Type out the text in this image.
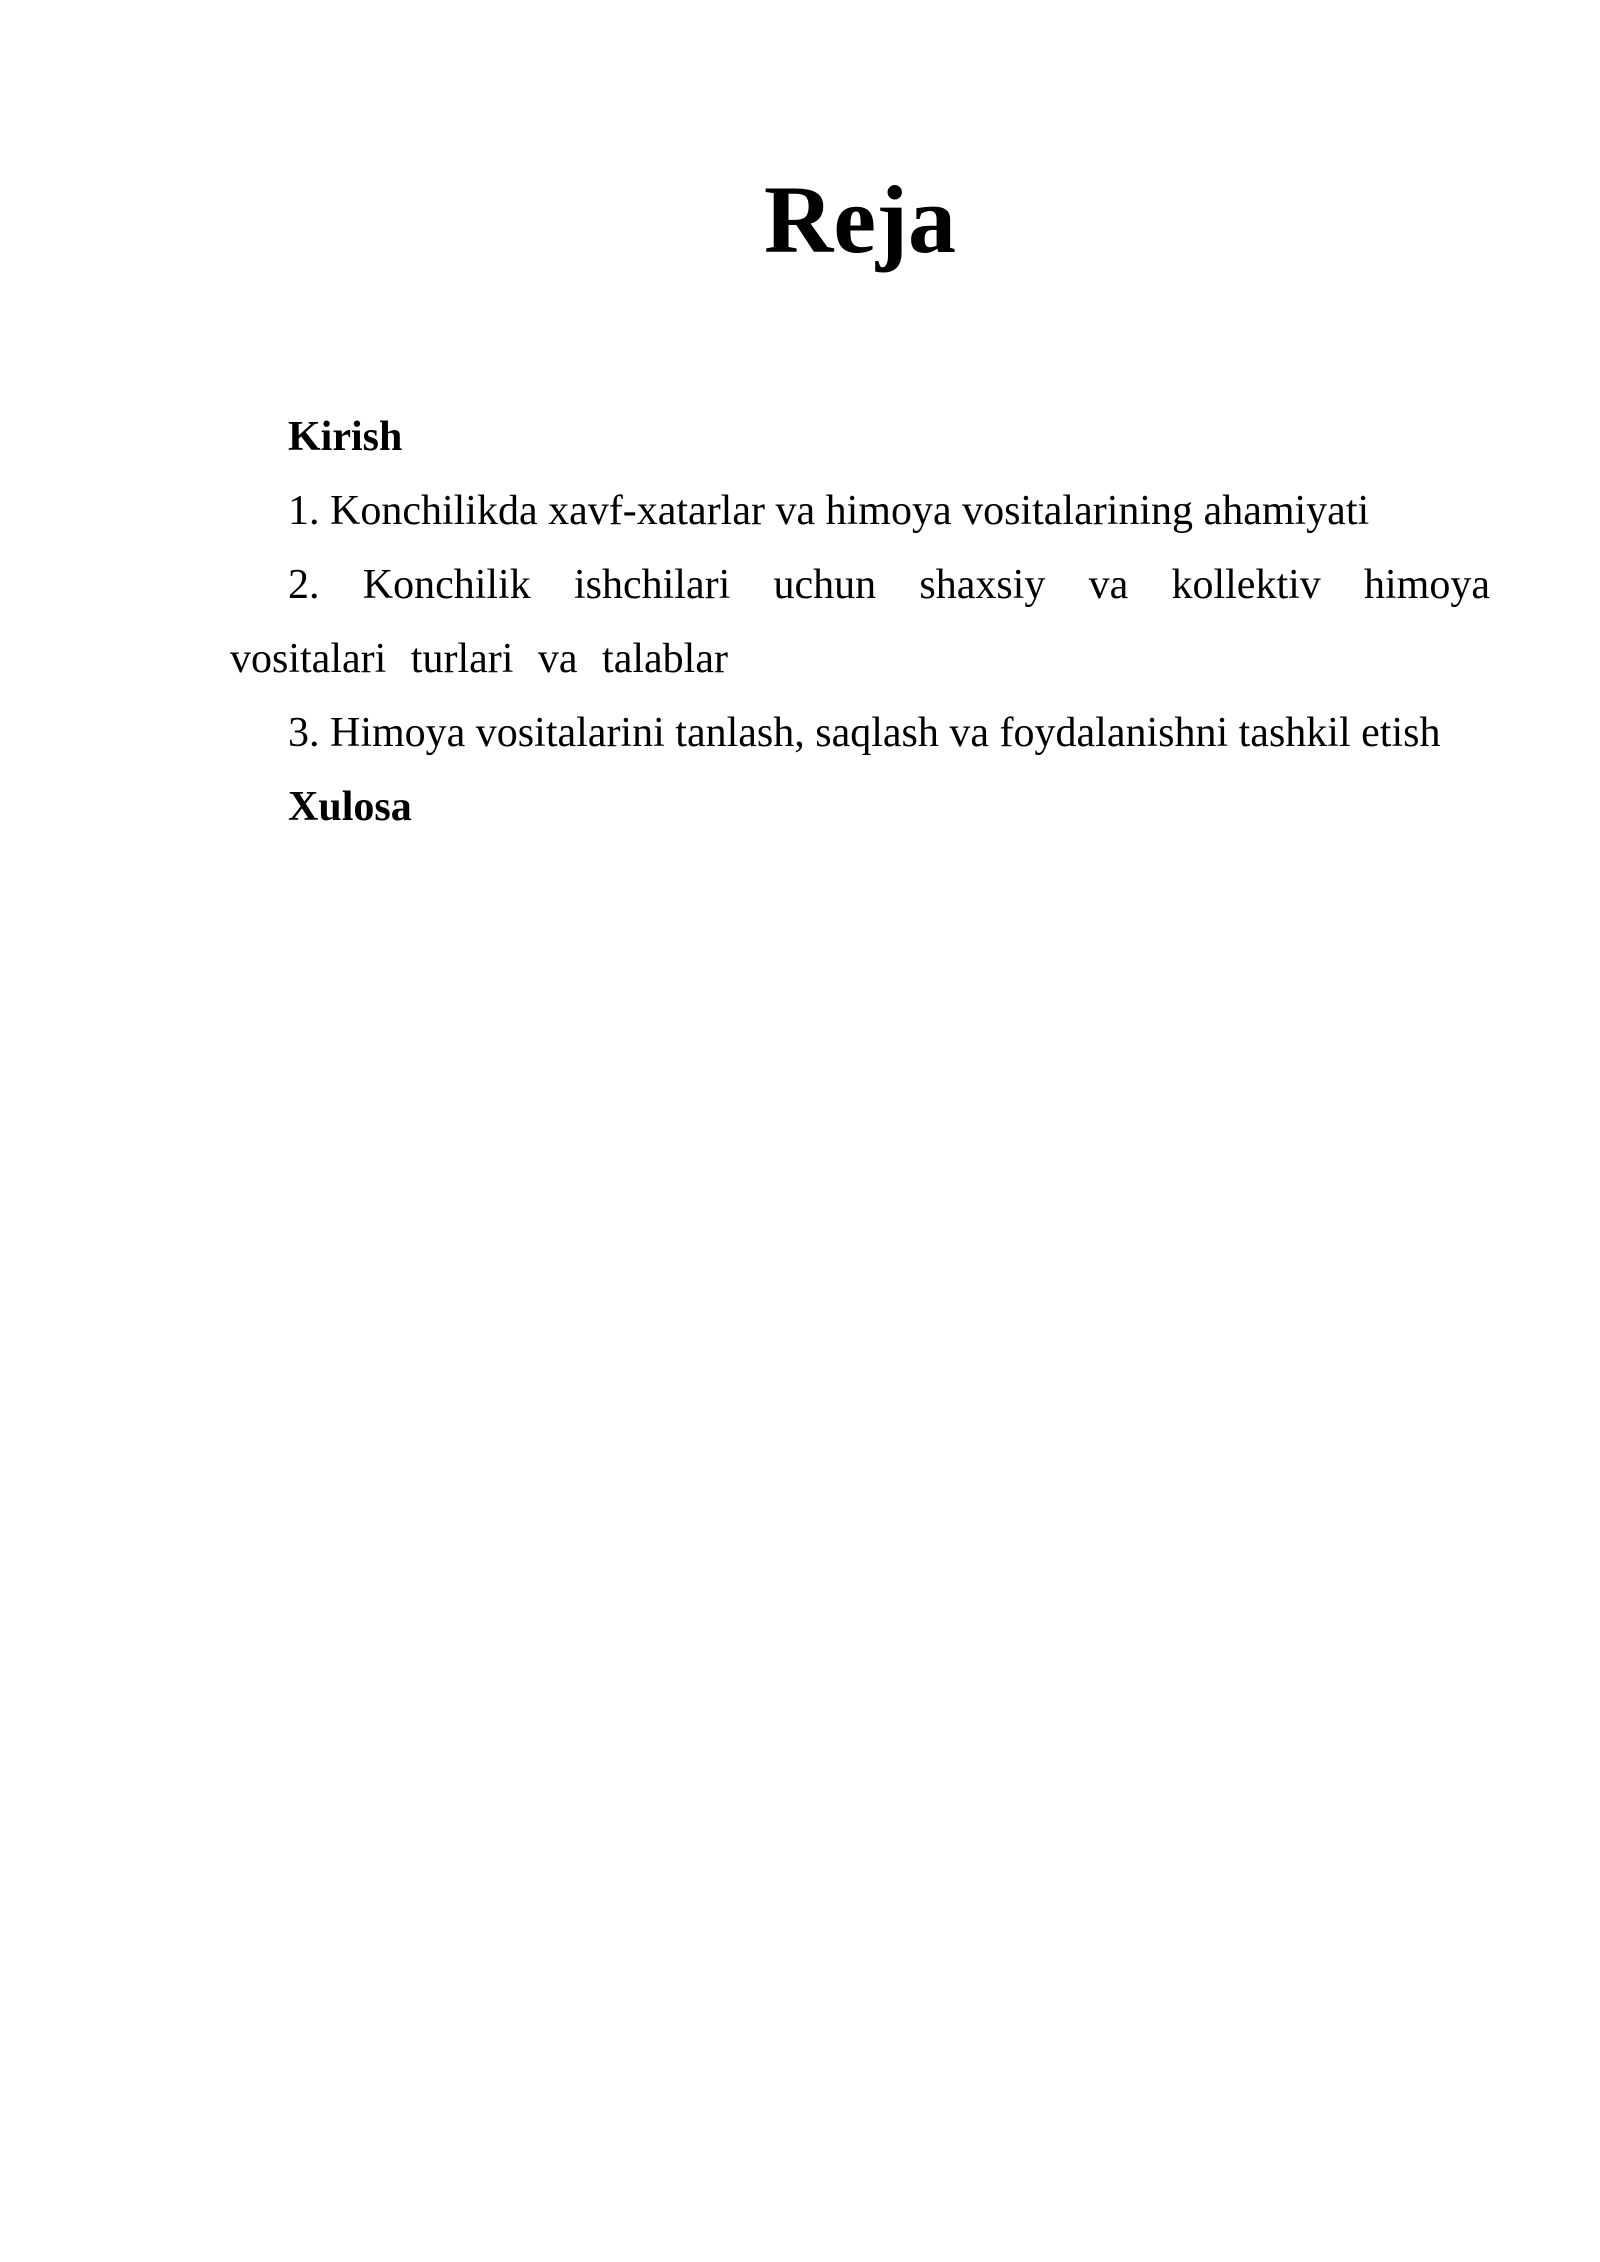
Reja

Kirish

1. Konchilikda xavf-xatarlar va himoya vositalarining ahamiyati

2. Konchilik ishchilari uchun shaxsiy va kollektiv himoya vositalari turlari va talablar

3. Himoya vositalarini tanlash, saqlash va foydalanishni tashkil etish

Xulosa
